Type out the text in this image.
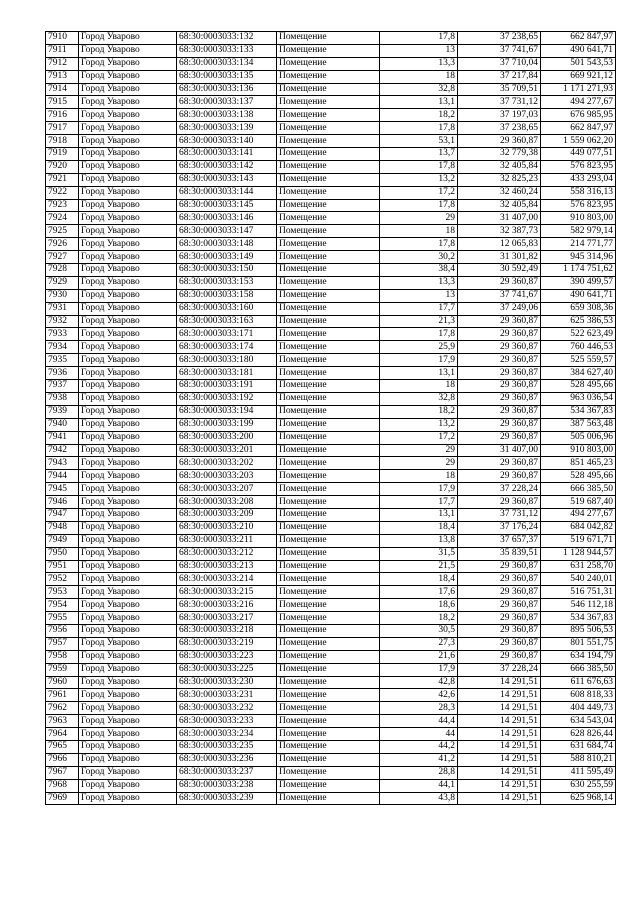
7910	Город Уварово	68:30:0003033:132	Помещение	17,8	37 238,65	662 847,97
7911	Город Уварово	68:30:0003033:133	Помещение	13	37 741,67	490 641,71
7912	Город Уварово	68:30:0003033:134	Помещение	13,3	37 710,04	501 543,53
7913	Город Уварово	68:30:0003033:135	Помещение	18	37 217,84	669 921,12
7914	Город Уварово	68:30:0003033:136	Помещение	32,8	35 709,51	1 171 271,93
7915	Город Уварово	68:30:0003033:137	Помещение	13,1	37 731,12	494 277,67
7916	Город Уварово	68:30:0003033:138	Помещение	18,2	37 197,03	676 985,95
7917	Город Уварово	68:30:0003033:139	Помещение	17,8	37 238,65	662 847,97
7918	Город Уварово	68:30:0003033:140	Помещение	53,1	29 360,87	1 559 062,20
7919	Город Уварово	68:30:0003033:141	Помещение	13,7	32 779,38	449 077,51
7920	Город Уварово	68:30:0003033:142	Помещение	17,8	32 405,84	576 823,95
7921	Город Уварово	68:30:0003033:143	Помещение	13,2	32 825,23	433 293,04
7922	Город Уварово	68:30:0003033:144	Помещение	17,2	32 460,24	558 316,13
7923	Город Уварово	68:30:0003033:145	Помещение	17,8	32 405,84	576 823,95
7924	Город Уварово	68:30:0003033:146	Помещение	29	31 407,00	910 803,00
7925	Город Уварово	68:30:0003033:147	Помещение	18	32 387,73	582 979,14
7926	Город Уварово	68:30:0003033:148	Помещение	17,8	12 065,83	214 771,77
7927	Город Уварово	68:30:0003033:149	Помещение	30,2	31 301,82	945 314,96
7928	Город Уварово	68:30:0003033:150	Помещение	38,4	30 592,49	1 174 751,62
7929	Город Уварово	68:30:0003033:153	Помещение	13,3	29 360,87	390 499,57
7930	Город Уварово	68:30:0003033:158	Помещение	13	37 741,67	490 641,71
7931	Город Уварово	68:30:0003033:160	Помещение	17,7	37 249,06	659 308,36
7932	Город Уварово	68:30:0003033:163	Помещение	21,3	29 360,87	625 386,53
7933	Город Уварово	68:30:0003033:171	Помещение	17,8	29 360,87	522 623,49
7934	Город Уварово	68:30:0003033:174	Помещение	25,9	29 360,87	760 446,53
7935	Город Уварово	68:30:0003033:180	Помещение	17,9	29 360,87	525 559,57
7936	Город Уварово	68:30:0003033:181	Помещение	13,1	29 360,87	384 627,40
7937	Город Уварово	68:30:0003033:191	Помещение	18	29 360,87	528 495,66
7938	Город Уварово	68:30:0003033:192	Помещение	32,8	29 360,87	963 036,54
7939	Город Уварово	68:30:0003033:194	Помещение	18,2	29 360,87	534 367,83
7940	Город Уварово	68:30:0003033:199	Помещение	13,2	29 360,87	387 563,48
7941	Город Уварово	68:30:0003033:200	Помещение	17,2	29 360,87	505 006,96
7942	Город Уварово	68:30:0003033:201	Помещение	29	31 407,00	910 803,00
7943	Город Уварово	68:30:0003033:202	Помещение	29	29 360,87	851 465,23
7944	Город Уварово	68:30:0003033:203	Помещение	18	29 360,87	528 495,66
7945	Город Уварово	68:30:0003033:207	Помещение	17,9	37 228,24	666 385,50
7946	Город Уварово	68:30:0003033:208	Помещение	17,7	29 360,87	519 687,40
7947	Город Уварово	68:30:0003033:209	Помещение	13,1	37 731,12	494 277,67
7948	Город Уварово	68:30:0003033:210	Помещение	18,4	37 176,24	684 042,82
7949	Город Уварово	68:30:0003033:211	Помещение	13,8	37 657,37	519 671,71
7950	Город Уварово	68:30:0003033:212	Помещение	31,5	35 839,51	1 128 944,57
7951	Город Уварово	68:30:0003033:213	Помещение	21,5	29 360,87	631 258,70
7952	Город Уварово	68:30:0003033:214	Помещение	18,4	29 360,87	540 240,01
7953	Город Уварово	68:30:0003033:215	Помещение	17,6	29 360,87	516 751,31
7954	Город Уварово	68:30:0003033:216	Помещение	18,6	29 360,87	546 112,18
7955	Город Уварово	68:30:0003033:217	Помещение	18,2	29 360,87	534 367,83
7956	Город Уварово	68:30:0003033:218	Помещение	30,5	29 360,87	895 506,53
7957	Город Уварово	68:30:0003033:219	Помещение	27,3	29 360,87	801 551,75
7958	Город Уварово	68:30:0003033:223	Помещение	21,6	29 360,87	634 194,79
7959	Город Уварово	68:30:0003033:225	Помещение	17,9	37 228,24	666 385,50
7960	Город Уварово	68:30:0003033:230	Помещение	42,8	14 291,51	611 676,63
7961	Город Уварово	68:30:0003033:231	Помещение	42,6	14 291,51	608 818,33
7962	Город Уварово	68:30:0003033:232	Помещение	28,3	14 291,51	404 449,73
7963	Город Уварово	68:30:0003033:233	Помещение	44,4	14 291,51	634 543,04
7964	Город Уварово	68:30:0003033:234	Помещение	44	14 291,51	628 826,44
7965	Город Уварово	68:30:0003033:235	Помещение	44,2	14 291,51	631 684,74
7966	Город Уварово	68:30:0003033:236	Помещение	41,2	14 291,51	588 810,21
7967	Город Уварово	68:30:0003033:237	Помещение	28,8	14 291,51	411 595,49
7968	Город Уварово	68:30:0003033:238	Помещение	44,1	14 291,51	630 255,59
7969	Город Уварово	68:30:0003033:239	Помещение	43,8	14 291,51	625 968,14
